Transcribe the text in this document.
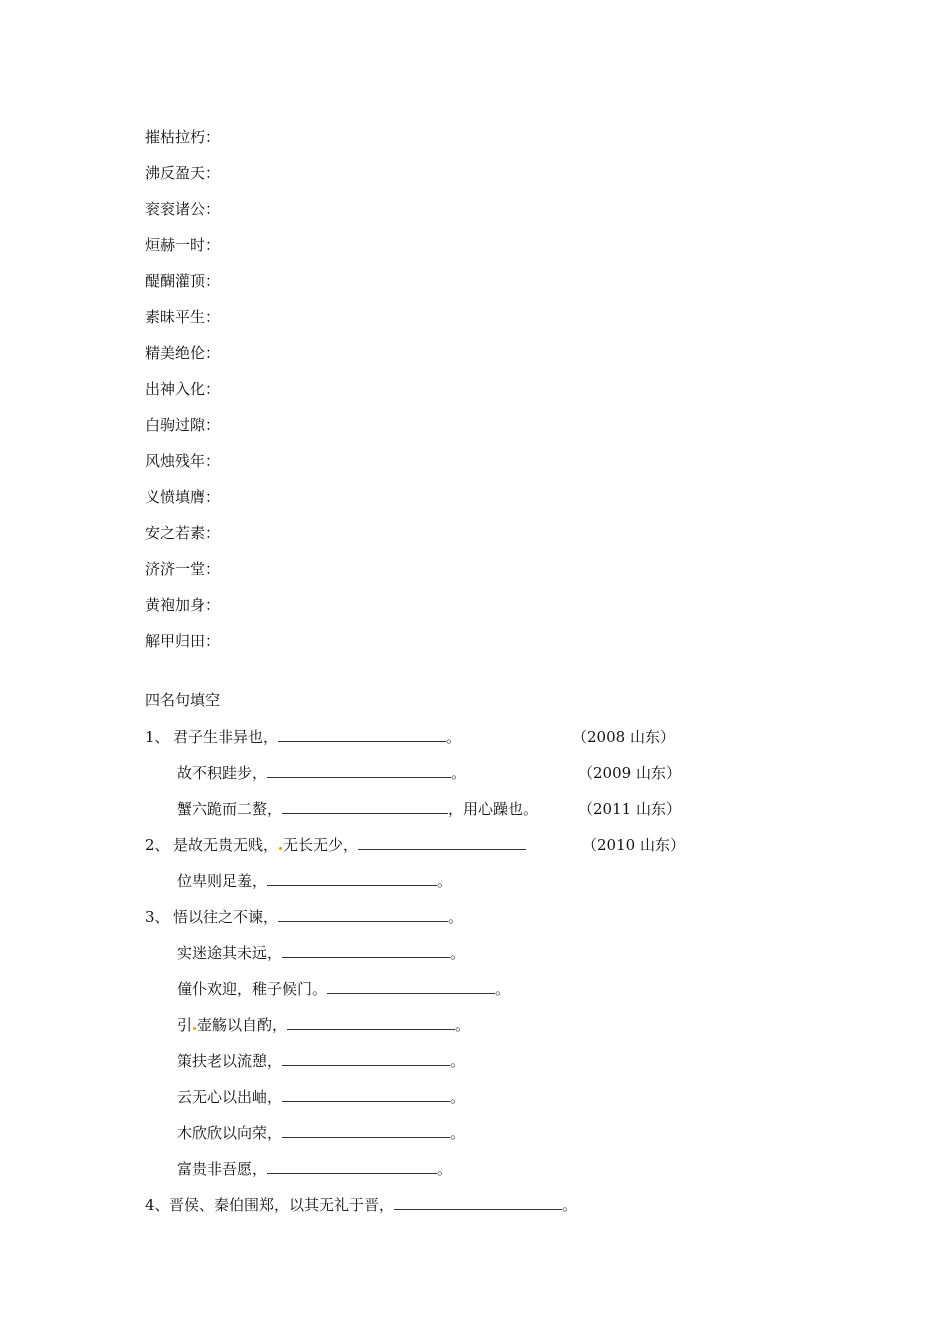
摧枯拉朽：
沸反盈天：
衮衮诸公：
烜赫一时：
醍醐灌顶：
素昧平生：
精美绝伦：
出神入化：
白驹过隙：
风烛残年：
义愤填膺：
安之若素：
济济一堂：
黄袍加身：
解甲归田：
四名句填空
1、 君子生非异也，	。	（2008 山东）
故不积跬步，	。	（2009 山东）
蟹六跪而二螯，	，用心躁也。	（2011 山东）
2、 是故无贵无贱， 无长无少，	（2010 山东）
位卑则足羞，	。
3、 悟以往之不谏，	。
实迷途其未远，	。
僮仆欢迎，稚子候门。	。
引 壶觞以自酌，	。
策扶老以流憩，	。
云无心以出岫，	。
木欣欣以向荣，	。
富贵非吾愿，	。
4、晋侯、秦伯围郑，以其无礼于晋，	。
